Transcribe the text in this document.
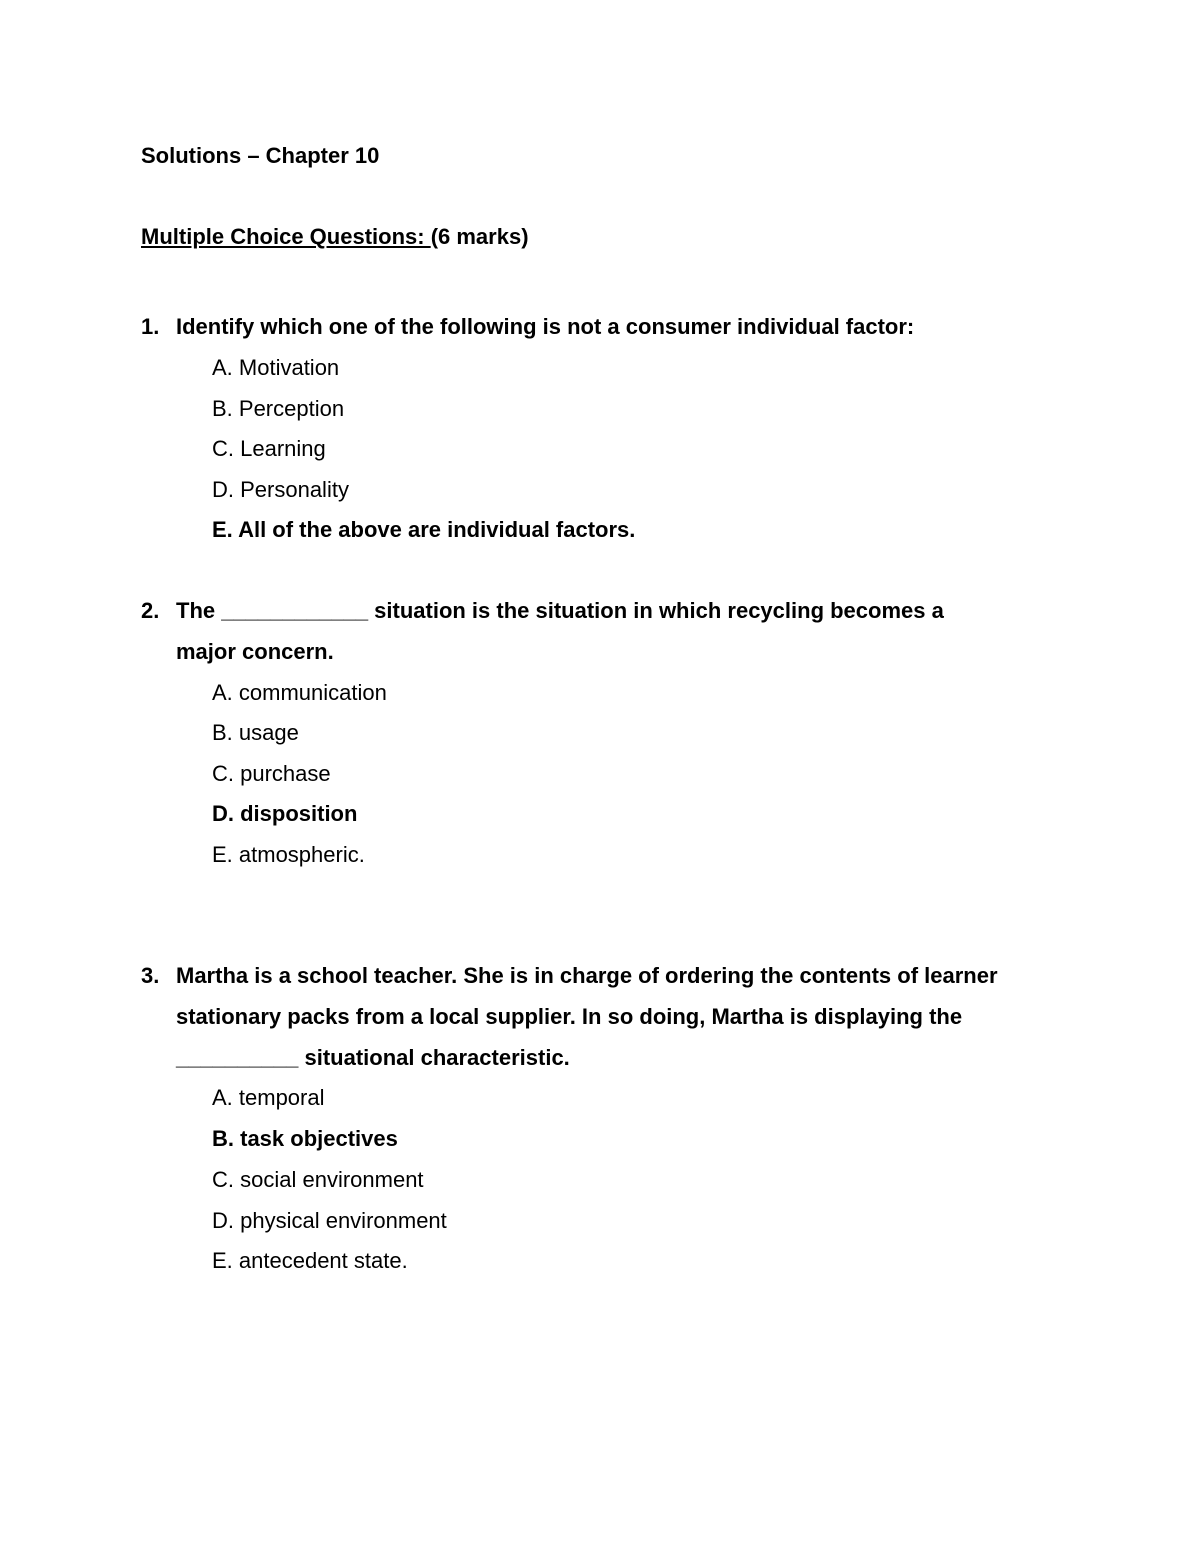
Solutions – Chapter 10
Multiple Choice Questions: (6 marks)
1. Identify which one of the following is not a consumer individual factor:
A. Motivation
B. Perception
C. Learning
D. Personality
E. All of the above are individual factors.
2. The ____________ situation is the situation in which recycling becomes a
major concern.
A. communication
B. usage
C. purchase
D. disposition
E. atmospheric.
3. Martha is a school teacher. She is in charge of ordering the contents of learner
stationary packs from a local supplier. In so doing, Martha is displaying the
__________ situational characteristic.
A. temporal
B. task objectives
C. social environment
D. physical environment
E. antecedent state.
